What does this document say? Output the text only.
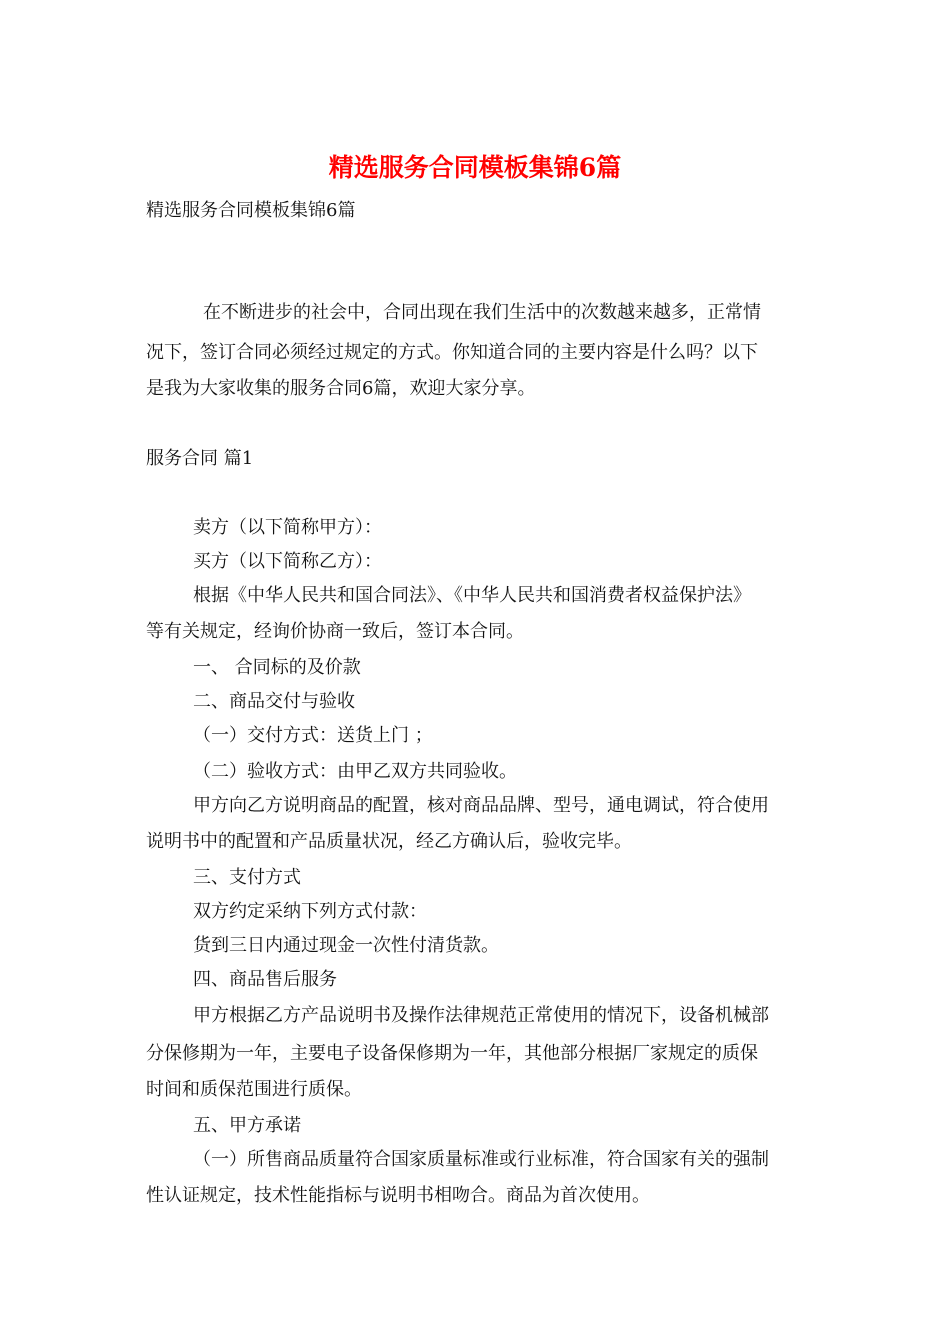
精选服务合同模板集锦6篇
精选服务合同模板集锦6篇
在不断进步的社会中，合同出现在我们生活中的次数越来越多，正常情
况下，签订合同必须经过规定的方式。你知道合同的主要内容是什么吗？以下
是我为大家收集的服务合同6篇，欢迎大家分享。
服务合同 篇1
卖方（以下简称甲方）：
买方（以下简称乙方）：
根据《中华人民共和国合同法》、《中华人民共和国消费者权益保护法》
等有关规定，经询价协商一致后，签订本合同。
一、 合同标的及价款
二、商品交付与验收
（一）交付方式：送货上门 ；
（二）验收方式：由甲乙双方共同验收。
甲方向乙方说明商品的配置，核对商品品牌、型号，通电调试，符合使用
说明书中的配置和产品质量状况，经乙方确认后，验收完毕。
三、支付方式
双方约定采纳下列方式付款：
货到三日内通过现金一次性付清货款。
四、商品售后服务
甲方根据乙方产品说明书及操作法律规范正常使用的情况下，设备机械部
分保修期为一年，主要电子设备保修期为一年，其他部分根据厂家规定的质保
时间和质保范围进行质保。
五、甲方承诺
（一）所售商品质量符合国家质量标准或行业标准，符合国家有关的强制
性认证规定，技术性能指标与说明书相吻合。商品为首次使用。
